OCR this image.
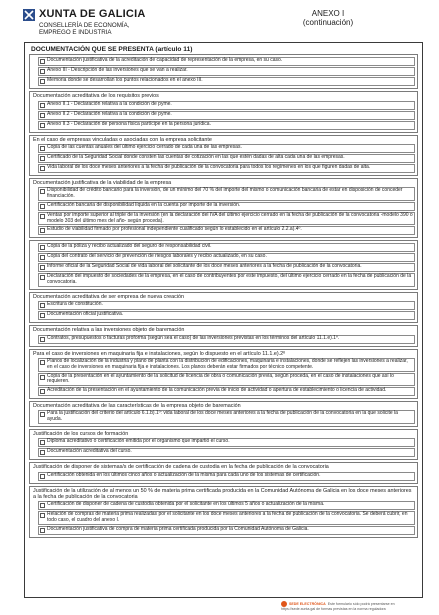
XUNTA DE GALICIA
CONSELLERÍA DE ECONOMÍA,
EMPREGO E INDUSTRIA
ANEXO I
(continuación)
DOCUMENTACIÓN QUE SE PRESENTA (artículo 11)
Documentación justificativa de la acreditación de capacidad de representación de la empresa, en su caso.
Anexo III - Descripción de las inversiones que se van a realizar.
Memoria donde se desarrollan los puntos relacionados en el anexo III.
Documentación acreditativa de los requisitos previos
Anexo II.1 - Declaración relativa a la condición de pyme.
Anexo II.2 - Declaración relativa a la condición de pyme.
Anexo II.3 - Declaración de persona física partícipe en la persona jurídica.
En el caso de empresas vinculadas o asociadas con la empresa solicitante
Copia de las cuentas anuales del último ejercicio cerrado de cada una de las empresas.
Certificado de la Seguridad Social donde consten las cuentas de cotización en las que estén dadas de alta cada una de las empresas.
Vida laboral de los doce meses anteriores a la fecha de publicación de la convocatoria para todos los regímenes en los que figuren dadas de alta.
Documentación justificativa de la viabilidad de la empresa
Disponibilidad de crédito bancario para la inversión, de un mínimo del 70 % del importe del mismo o comunicación bancaria de estar en disposición de conceder financiación.
Certificación bancaria de disponibilidad líquida en la cuenta por importe de la inversión.
Ventas por importe superior al triple de la inversión (en la declaración del IVA del último ejercicio cerrado en la fecha de publicación de la convocatoria -modelo 390 o modelo 303 del último mes del año- según proceda).
Estudio de viabilidad firmado por profesional independiente cualificado según lo establecido en el artículo 2.2.a).4º.
Copia de la póliza y recibo actualizado del seguro de responsabilidad civil.
Copia del contrato del servicio de prevención de riesgos laborales y recibo actualizado, en su caso.
Informe oficial de la Seguridad Social de vida laboral del solicitante de los doce meses anteriores a la fecha de publicación de la convocatoria.
Declaración del impuesto de sociedades de la empresa, en el caso de contribuyentes por este impuesto, del último ejercicio cerrado en la fecha de publicación de la convocatoria.
Documentación acreditativa de ser empresa de nueva creación
Escritura de constitución.
Documentación oficial justificativa.
Documentación relativa a las inversiones objeto de baremación
Contratos, presupuestos o facturas proforma (según sea el caso) de las inversiones previstas en los términos del artículo 11.1.e).1º.
Para el caso de inversiones en maquinaria fija e instalaciones, según lo dispuesto en el artículo 11.1.e).2º
Planos de localización de la industria y plano de planta con la distribución de edificaciones, maquinaria e instalaciones, donde se reflejen las inversiones a realizar, en el caso de inversiones en maquinaria fija e instalaciones. Los planos deberán estar firmados por técnico competente.
Copia de la presentación en el ayuntamiento de la solicitud de licencia de obra o comunicación previa, según proceda, en el caso de instalaciones que así lo requieren.
Acreditación de la presentación en el ayuntamiento de la comunicación previa de inicio de actividad o apertura de establecimiento o licencia de actividad.
Documentación acreditativa de las características de la empresa objeto de baremación
Para la justificación del criterio del artículo 6.1.b).1º: vida laboral de los doce meses anteriores a la fecha de publicación de la convocatoria en la que solicite la ayuda.
Justificación de los cursos de formación
Diploma acreditativo o certificación emitida por el organismo que impartió el curso.
Documentación acreditativa del curso.
Justificación de disponer de sistemas/s de certificación de cadena de custodia en la fecha de publicación de la convocatoria
Certificación obtenida en los últimos cinco años o actualización de la misma para cada uno de los sistemas de certificación.
Justificación de la utilización de al menos un 50 % de materia prima certificada producida en la Comunidad Autónoma de Galicia en los doce meses anteriores a la fecha de publicación de la convocatoria
Certificación de disponer de cadena de custodia obtenida por el solicitante en los últimos 5 años o actualización de la misma.
Relación de compras de materia prima realizadas por el solicitante en los doce meses anteriores a la fecha de publicación de la convocatoria. Se deberá cubrir, en todo caso, el cuadro del anexo I.
Documentación justificativa de compra de materia prima certificada producida por la Comunidad Autónoma de Galicia.
SEDE ELECTRÓNICA Este formulario sólo podrá presentarse en
https://sede.xunta.gal de formas previstas en la norma reguladora
